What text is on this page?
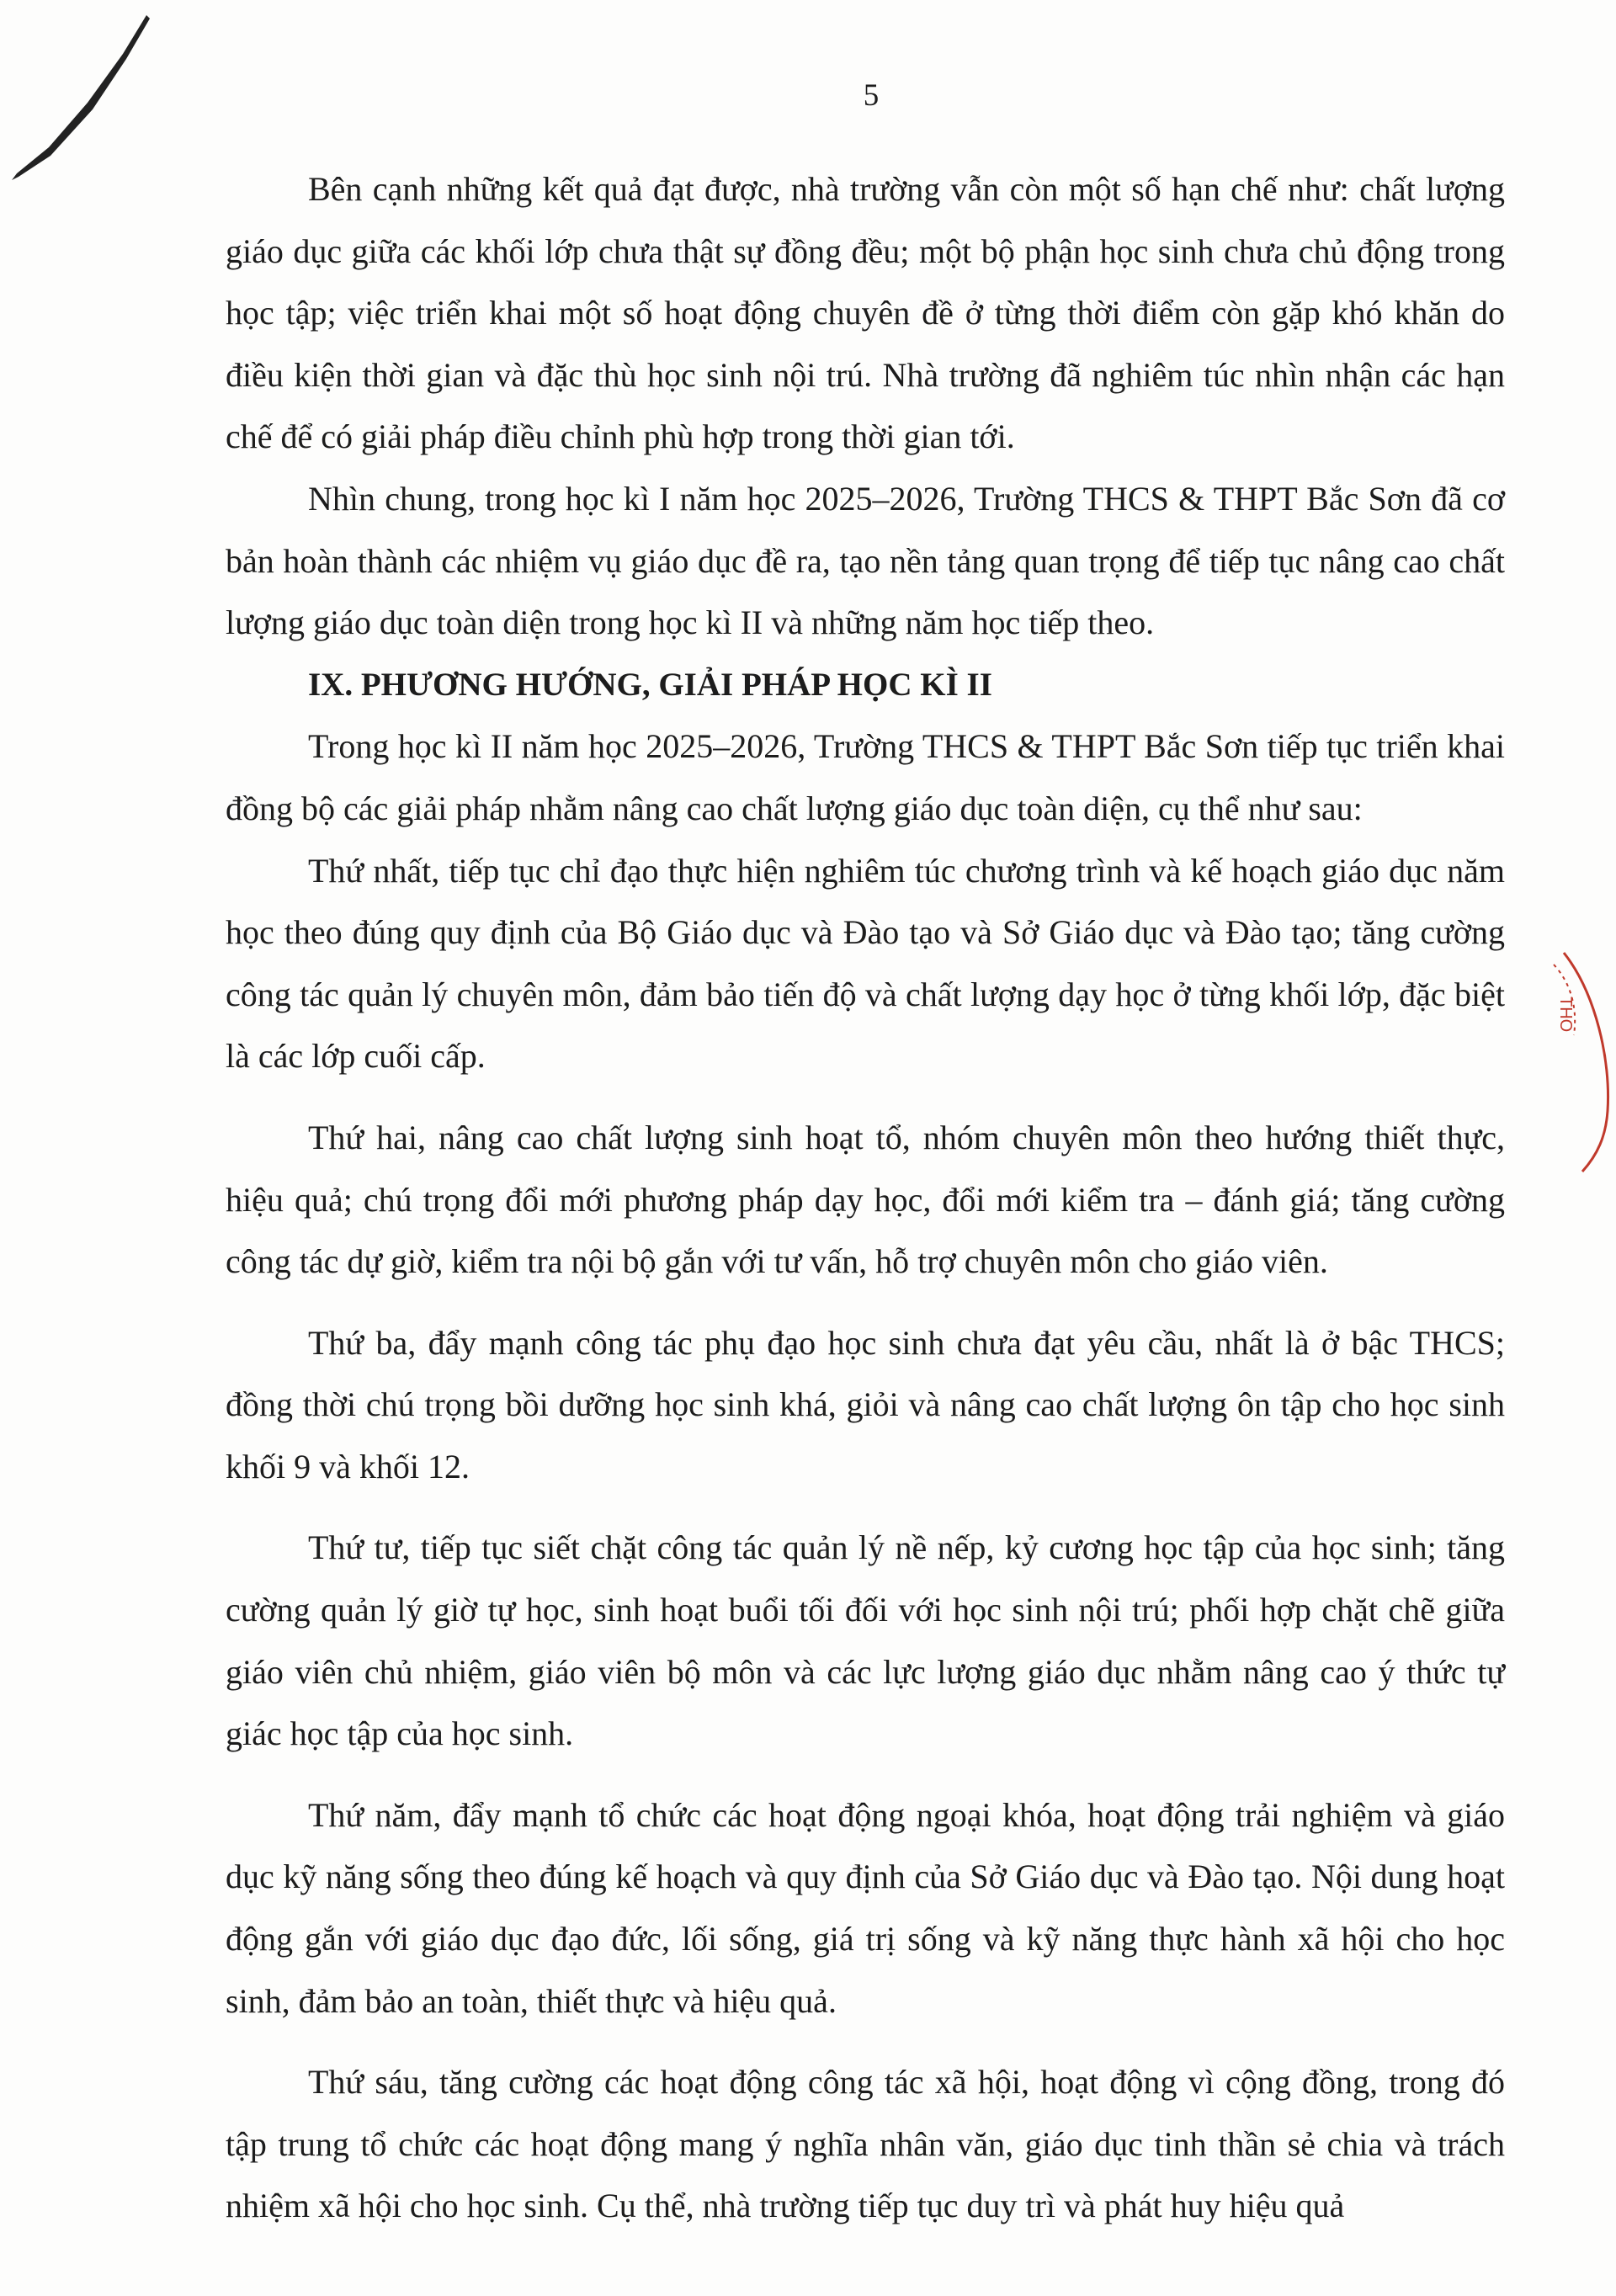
THO
5

Bên cạnh những kết quả đạt được, nhà trường vẫn còn một số hạn chế như: chất lượng giáo dục giữa các khối lớp chưa thật sự đồng đều; một bộ phận học sinh chưa chủ động trong học tập; việc triển khai một số hoạt động chuyên đề ở từng thời điểm còn gặp khó khăn do điều kiện thời gian và đặc thù học sinh nội trú. Nhà trường đã nghiêm túc nhìn nhận các hạn chế để có giải pháp điều chỉnh phù hợp trong thời gian tới.

Nhìn chung, trong học kì I năm học 2025–2026, Trường THCS & THPT Bắc Sơn đã cơ bản hoàn thành các nhiệm vụ giáo dục đề ra, tạo nền tảng quan trọng để tiếp tục nâng cao chất lượng giáo dục toàn diện trong học kì II và những năm học tiếp theo.

IX. PHƯƠNG HƯỚNG, GIẢI PHÁP HỌC KÌ II

Trong học kì II năm học 2025–2026, Trường THCS & THPT Bắc Sơn tiếp tục triển khai đồng bộ các giải pháp nhằm nâng cao chất lượng giáo dục toàn diện, cụ thể như sau:

Thứ nhất, tiếp tục chỉ đạo thực hiện nghiêm túc chương trình và kế hoạch giáo dục năm học theo đúng quy định của Bộ Giáo dục và Đào tạo và Sở Giáo dục và Đào tạo; tăng cường công tác quản lý chuyên môn, đảm bảo tiến độ và chất lượng dạy học ở từng khối lớp, đặc biệt là các lớp cuối cấp.

Thứ hai, nâng cao chất lượng sinh hoạt tổ, nhóm chuyên môn theo hướng thiết thực, hiệu quả; chú trọng đổi mới phương pháp dạy học, đổi mới kiểm tra – đánh giá; tăng cường công tác dự giờ, kiểm tra nội bộ gắn với tư vấn, hỗ trợ chuyên môn cho giáo viên.

Thứ ba, đẩy mạnh công tác phụ đạo học sinh chưa đạt yêu cầu, nhất là ở bậc THCS; đồng thời chú trọng bồi dưỡng học sinh khá, giỏi và nâng cao chất lượng ôn tập cho học sinh khối 9 và khối 12.

Thứ tư, tiếp tục siết chặt công tác quản lý nề nếp, kỷ cương học tập của học sinh; tăng cường quản lý giờ tự học, sinh hoạt buổi tối đối với học sinh nội trú; phối hợp chặt chẽ giữa giáo viên chủ nhiệm, giáo viên bộ môn và các lực lượng giáo dục nhằm nâng cao ý thức tự giác học tập của học sinh.

Thứ năm, đẩy mạnh tổ chức các hoạt động ngoại khóa, hoạt động trải nghiệm và giáo dục kỹ năng sống theo đúng kế hoạch và quy định của Sở Giáo dục và Đào tạo. Nội dung hoạt động gắn với giáo dục đạo đức, lối sống, giá trị sống và kỹ năng thực hành xã hội cho học sinh, đảm bảo an toàn, thiết thực và hiệu quả.

Thứ sáu, tăng cường các hoạt động công tác xã hội, hoạt động vì cộng đồng, trong đó tập trung tổ chức các hoạt động mang ý nghĩa nhân văn, giáo dục tinh thần sẻ chia và trách nhiệm xã hội cho học sinh. Cụ thể, nhà trường tiếp tục duy trì và phát huy hiệu quả
